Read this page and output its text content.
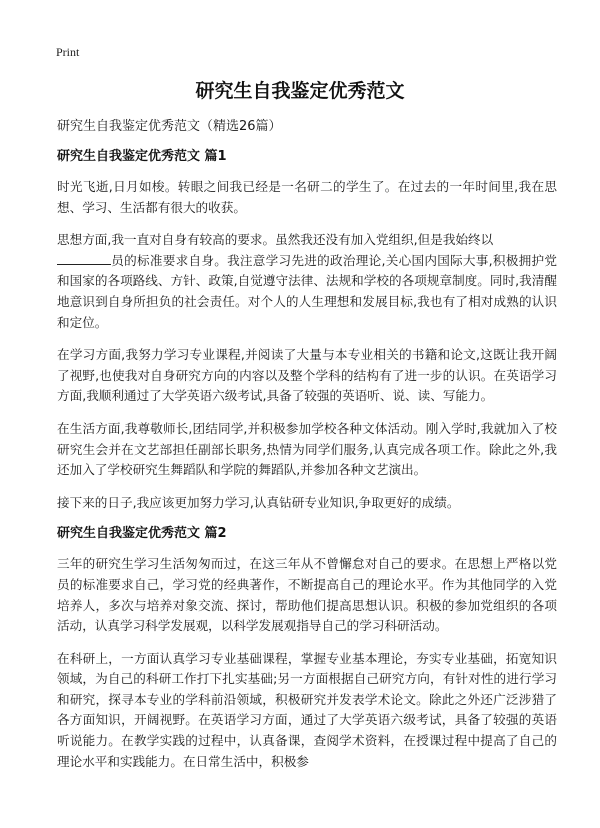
Print
研究生自我鉴定优秀范文

研究生自我鉴定优秀范文（精选26篇）

研究生自我鉴定优秀范文 篇1

时光飞逝,日月如梭。转眼之间我已经是一名研二的学生了。在过去的一年时间里,我在思想、学习、生活都有很大的收获。

思想方面,我一直对自身有较高的要求。虽然我还没有加入党组织,但是我始终以
员的标准要求自身。我注意学习先进的政治理论,关心国内国际大事,积极拥护党和国家的各项路线、方针、政策,自觉遵守法律、法规和学校的各项规章制度。同时,我清醒地意识到自身所担负的社会责任。对个人的人生理想和发展目标,我也有了相对成熟的认识和定位。

在学习方面,我努力学习专业课程,并阅读了大量与本专业相关的书籍和论文,这既让我开阔了视野,也使我对自身研究方向的内容以及整个学科的结构有了进一步的认识。在英语学习方面,我顺利通过了大学英语六级考试,具备了较强的英语听、说、读、写能力。

在生活方面,我尊敬师长,团结同学,并积极参加学校各种文体活动。刚入学时,我就加入了校研究生会并在文艺部担任副部长职务,热情为同学们服务,认真完成各项工作。除此之外,我还加入了学校研究生舞蹈队和学院的舞蹈队,并参加各种文艺演出。

接下来的日子,我应该更加努力学习,认真钻研专业知识,争取更好的成绩。

研究生自我鉴定优秀范文 篇2

三年的研究生学习生活匆匆而过，在这三年从不曾懈怠对自己的要求。在思想上严格以党员的标准要求自己，学习党的经典著作，不断提高自己的理论水平。作为其他同学的入党培养人，多次与培养对象交流、探讨，帮助他们提高思想认识。积极的参加党组织的各项活动，认真学习科学发展观，以科学发展观指导自己的学习科研活动。

在科研上，一方面认真学习专业基础课程，掌握专业基本理论，夯实专业基础，拓宽知识领域，为自己的科研工作打下扎实基础;另一方面根据自己研究方向，有针对性的进行学习和研究，探寻本专业的学科前沿领域，积极研究并发表学术论文。除此之外还广泛涉猎了各方面知识，开阔视野。在英语学习方面，通过了大学英语六级考试，具备了较强的英语听说能力。在教学实践的过程中，认真备课，查阅学术资料，在授课过程中提高了自己的理论水平和实践能力。在日常生活中，积极参
